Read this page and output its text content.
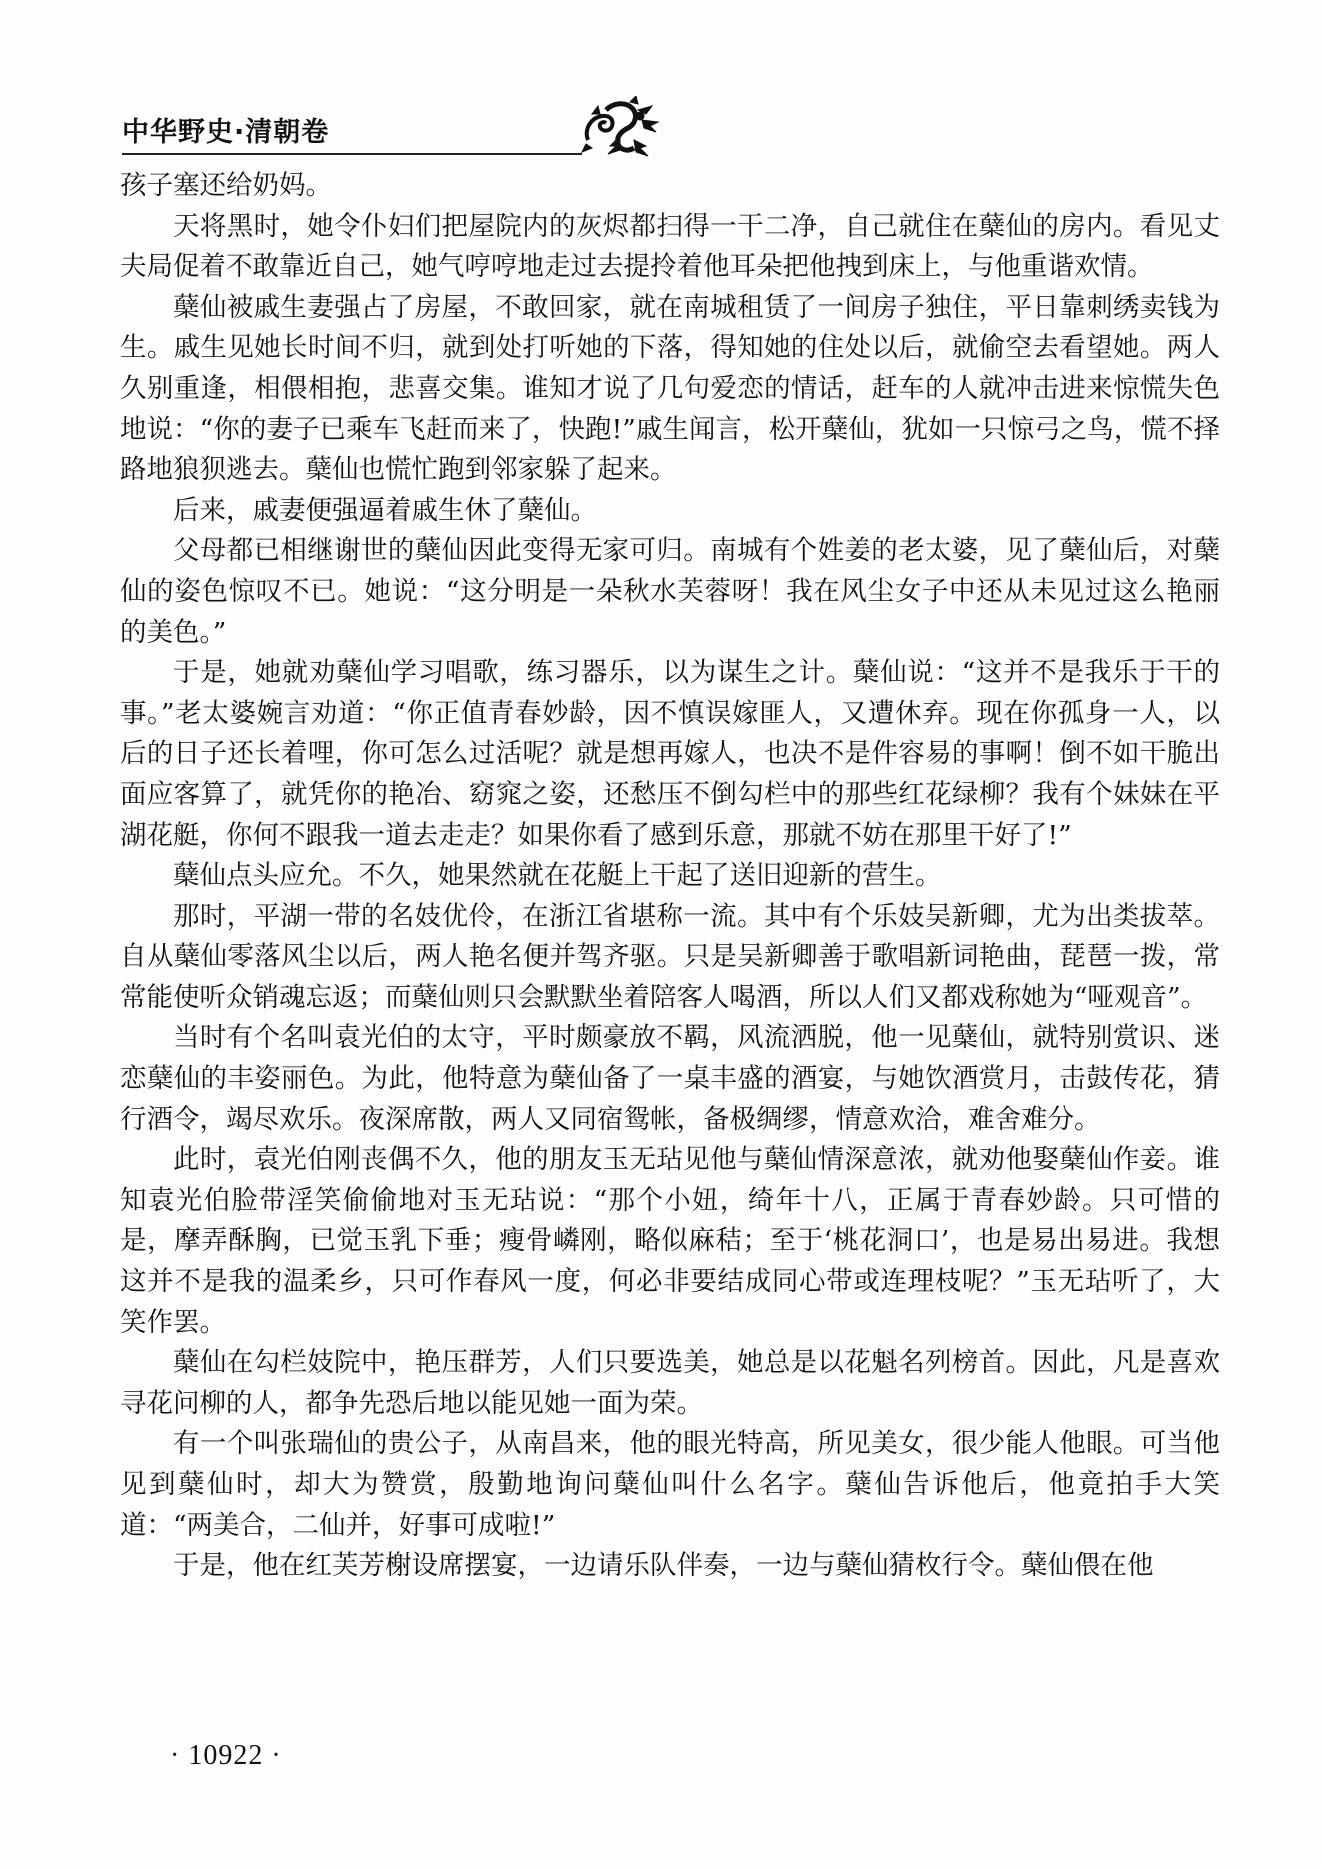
中华野史·清朝卷

孩子塞还给奶妈。

天将黑时，她令仆妇们把屋院内的灰烬都扫得一干二净，自己就住在蘖仙的房内。看见丈夫局促着不敢靠近自己，她气哼哼地走过去提拎着他耳朵把他拽到床上，与他重谐欢情。

蘖仙被戚生妻强占了房屋，不敢回家，就在南城租赁了一间房子独住，平日靠刺绣卖钱为生。戚生见她长时间不归，就到处打听她的下落，得知她的住处以后，就偷空去看望她。两人久别重逢，相偎相抱，悲喜交集。谁知才说了几句爱恋的情话，赶车的人就冲击进来惊慌失色地说：“你的妻子已乘车飞赶而来了，快跑!”戚生闻言，松开蘖仙，犹如一只惊弓之鸟，慌不择路地狼狈逃去。蘖仙也慌忙跑到邻家躲了起来。

后来，戚妻便强逼着戚生休了蘖仙。

父母都已相继谢世的蘖仙因此变得无家可归。南城有个姓姜的老太婆，见了蘖仙后，对蘖仙的姿色惊叹不已。她说：“这分明是一朵秋水芙蓉呀！我在风尘女子中还从未见过这么艳丽的美色。”

于是，她就劝蘖仙学习唱歌，练习器乐，以为谋生之计。蘖仙说：“这并不是我乐于干的事。”老太婆婉言劝道：“你正值青春妙龄，因不慎误嫁匪人，又遭休弃。现在你孤身一人，以后的日子还长着哩，你可怎么过活呢？就是想再嫁人，也决不是件容易的事啊！倒不如干脆出面应客算了，就凭你的艳冶、窈窕之姿，还愁压不倒勾栏中的那些红花绿柳？我有个妹妹在平湖花艇，你何不跟我一道去走走？如果你看了感到乐意，那就不妨在那里干好了!”

蘖仙点头应允。不久，她果然就在花艇上干起了送旧迎新的营生。

那时，平湖一带的名妓优伶，在浙江省堪称一流。其中有个乐妓吴新卿，尤为出类拔萃。自从蘖仙零落风尘以后，两人艳名便并驾齐驱。只是吴新卿善于歌唱新词艳曲，琵琶一拨，常常能使听众销魂忘返；而蘖仙则只会默默坐着陪客人喝酒，所以人们又都戏称她为“哑观音”。

当时有个名叫袁光伯的太守，平时颇豪放不羁，风流洒脱，他一见蘖仙，就特别赏识、迷恋蘖仙的丰姿丽色。为此，他特意为蘖仙备了一桌丰盛的酒宴，与她饮酒赏月，击鼓传花，猜行酒令，竭尽欢乐。夜深席散，两人又同宿鸳帐，备极绸缪，情意欢洽，难舍难分。

此时，袁光伯刚丧偶不久，他的朋友玉无玷见他与蘖仙情深意浓，就劝他娶蘖仙作妾。谁知袁光伯脸带淫笑偷偷地对玉无玷说：“那个小妞，绮年十八，正属于青春妙龄。只可惜的是，摩弄酥胸，已觉玉乳下垂；瘦骨嶙刚，略似麻秸；至于‘桃花洞口’，也是易出易进。我想这并不是我的温柔乡，只可作春风一度，何必非要结成同心带或连理枝呢？”玉无玷听了，大笑作罢。

蘖仙在勾栏妓院中，艳压群芳，人们只要选美，她总是以花魁名列榜首。因此，凡是喜欢寻花问柳的人，都争先恐后地以能见她一面为荣。

有一个叫张瑞仙的贵公子，从南昌来，他的眼光特高，所见美女，很少能人他眼。可当他见到蘖仙时，却大为赞赏，殷勤地询问蘖仙叫什么名字。蘖仙告诉他后，他竟拍手大笑道：“两美合，二仙并，好事可成啦!”

于是，他在红芙芳榭设席摆宴，一边请乐队伴奏，一边与蘖仙猜枚行令。蘖仙偎在他

· 10922 ·
